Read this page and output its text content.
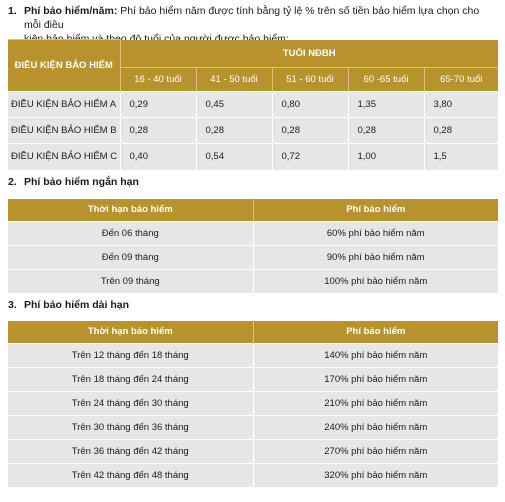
1. Phí bảo hiểm/năm: Phí bảo hiểm năm được tính bằng tỷ lệ % trên số tiền bảo hiểm lựa chọn cho mỗi điều

ĐIỀU KIỆN BẢO HIỂM	TUỔI NĐBH				
	16 - 40 tuổi	41 - 50 tuổi	51 - 60 tuổi	60 -65 tuổi	65-70 tuổi
ĐIỀU KIỆN BẢO HIỂM A	0,29	0,45	0,80	1,35	3,80
ĐIỀU KIỆN BẢO HIỂM B	0,28	0,28	0,28	0,28	0,28
ĐIỀU KIỆN BẢO HIỂM C	0,40	0,54	0,72	1,00	1,5
2. Phí bảo hiểm ngắn hạn
Thời hạn bảo hiểm	Phí bảo hiểm
Đến 06 tháng	60% phí bảo hiểm năm
Đến 09 tháng	90% phí bảo hiểm năm
Trên 09 tháng	100% phí bảo hiểm năm
3. Phí bảo hiểm dài hạn
Thời hạn bảo hiểm	Phí bảo hiểm
Trên 12 tháng đến 18 tháng	140% phí bảo hiểm năm
Trên 18 tháng đến 24 tháng	170% phí bảo hiểm năm
Trên 24 tháng đến 30 tháng	210% phí bảo hiểm năm
Trên 30 tháng đến 36 tháng	240% phí bảo hiểm năm
Trên 36 tháng đến 42 tháng	270% phí bảo hiểm năm
Trên 42 tháng đến 48 tháng	320% phí bảo hiểm năm
